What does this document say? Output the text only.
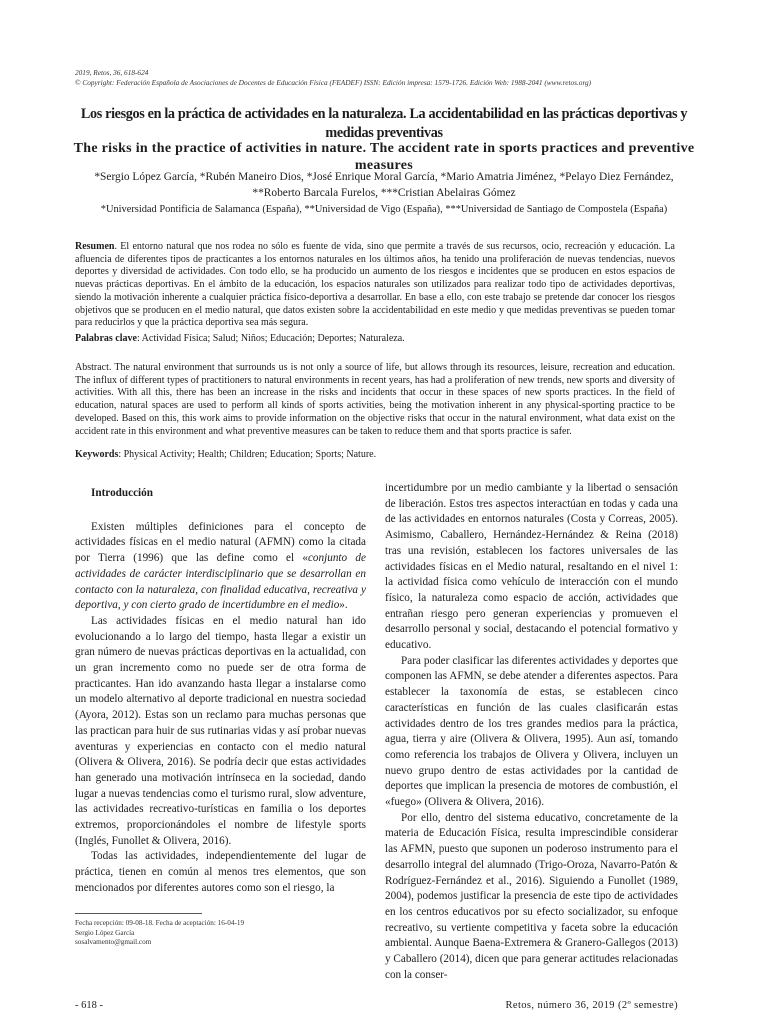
2019, Retos, 36, 618-624
© Copyright: Federación Española de Asociaciones de Docentes de Educación Física (FEADEF) ISSN: Edición impresa: 1579-1726. Edición Web: 1988-2041 (www.retos.org)
Los riesgos en la práctica de actividades en la naturaleza. La accidentabilidad en las prácticas deportivas y medidas preventivas
The risks in the practice of activities in nature. The accident rate in sports practices and preventive measures
*Sergio López García, *Rubén Maneiro Dios, *José Enrique Moral García, *Mario Amatria Jiménez, *Pelayo Diez Fernández, **Roberto Barcala Furelos, ***Cristian Abelairas Gómez
*Universidad Pontificia de Salamanca (España), **Universidad de Vigo (España), ***Universidad de Santiago de Compostela (España)
Resumen. El entorno natural que nos rodea no sólo es fuente de vida, sino que permite a través de sus recursos, ocio, recreación y educación. La afluencia de diferentes tipos de practicantes a los entornos naturales en los últimos años, ha tenido una proliferación de nuevas tendencias, nuevos deportes y diversidad de actividades. Con todo ello, se ha producido un aumento de los riesgos e incidentes que se producen en estos espacios de nuevas prácticas deportivas. En el ámbito de la educación, los espacios naturales son utilizados para realizar todo tipo de actividades deportivas, siendo la motivación inherente a cualquier práctica físico-deportiva a desarrollar. En base a ello, con este trabajo se pretende dar conocer los riesgos objetivos que se producen en el medio natural, que datos existen sobre la accidentabilidad en este medio y que medidas preventivas se pueden tomar para reducirlos y que la práctica deportiva sea más segura.
Palabras clave: Actividad Física; Salud; Niños; Educación; Deportes; Naturaleza.
Abstract. The natural environment that surrounds us is not only a source of life, but allows through its resources, leisure, recreation and education. The influx of different types of practitioners to natural environments in recent years, has had a proliferation of new trends, new sports and diversity of activities. With all this, there has been an increase in the risks and incidents that occur in these spaces of new sports practices. In the field of education, natural spaces are used to perform all kinds of sports activities, being the motivation inherent in any physical-sporting practice to be developed. Based on this, this work aims to provide information on the objective risks that occur in the natural environment, what data exist on the accident rate in this environment and what preventive measures can be taken to reduce them and that sports practice is safer.
Keywords: Physical Activity; Health; Children; Education; Sports; Nature.
Introducción

Existen múltiples definiciones para el concepto de actividades físicas en el medio natural (AFMN) como la citada por Tierra (1996) que las define como el «conjunto de actividades de carácter interdisciplinario que se desarrollan en contacto con la naturaleza, con finalidad educativa, recreativa y deportiva, y con cierto grado de incertidumbre en el medio».

Las actividades físicas en el medio natural han ido evolucionando a lo largo del tiempo, hasta llegar a existir un gran número de nuevas prácticas deportivas en la actualidad, con un gran incremento como no puede ser de otra forma de practicantes. Han ido avanzando hasta llegar a instalarse como un modelo alternativo al deporte tradicional en nuestra sociedad (Ayora, 2012). Estas son un reclamo para muchas personas que las practican para huir de sus rutinarias vidas y así probar nuevas aventuras y experiencias en contacto con el medio natural (Olivera & Olivera, 2016). Se podría decir que estas actividades han generado una motivación intrínseca en la sociedad, dando lugar a nuevas tendencias como el turismo rural, slow adventure, las actividades recreativo-turísticas en familia o los deportes extremos, proporcionándoles el nombre de lifestyle sports (Inglés, Funollet & Olivera, 2016).

Todas las actividades, independientemente del lugar de práctica, tienen en común al menos tres elementos, que son mencionados por diferentes autores como son el riesgo, la

incertidumbre por un medio cambiante y la libertad o sensación de liberación. Estos tres aspectos interactúan en todas y cada una de las actividades en entornos naturales (Costa y Correas, 2005). Asimismo, Caballero, Hernández-Hernández & Reina (2018) tras una revisión, establecen los factores universales de las actividades físicas en el Medio natural, resaltando en el nivel 1: la actividad física como vehículo de interacción con el mundo físico, la naturaleza como espacio de acción, actividades que entrañan riesgo pero generan experiencias y promueven el desarrollo personal y social, destacando el potencial formativo y educativo.

Para poder clasificar las diferentes actividades y deportes que componen las AFMN, se debe atender a diferentes aspectos. Para establecer la taxonomía de estas, se establecen cinco características en función de las cuales clasificarán estas actividades dentro de los tres grandes medios para la práctica, agua, tierra y aire (Olivera & Olivera, 1995). Aun así, tomando como referencia los trabajos de Olivera y Olivera, incluyen un nuevo grupo dentro de estas actividades por la cantidad de deportes que implican la presencia de motores de combustión, el «fuego» (Olivera & Olivera, 2016).

Por ello, dentro del sistema educativo, concretamente de la materia de Educación Física, resulta imprescindible considerar las AFMN, puesto que suponen un poderoso instrumento para el desarrollo integral del alumnado (Trigo-Oroza, Navarro-Patón & Rodríguez-Fernández et al., 2016). Siguiendo a Funollet (1989, 2004), podemos justificar la presencia de este tipo de actividades en los centros educativos por su efecto socializador, su enfoque recreativo, su vertiente competitiva y faceta sobre la educación ambiental. Aunque Baena-Extremera & Granero-Gallegos (2013) y Caballero (2014), dicen que para generar actitudes relacionadas con la conser-

Fecha recepción: 09-08-18. Fecha de aceptación: 16-04-19
Sergio López García
sosalvamento@gmail.com
- 618 -	Retos, número 36, 2019 (2º semestre)
